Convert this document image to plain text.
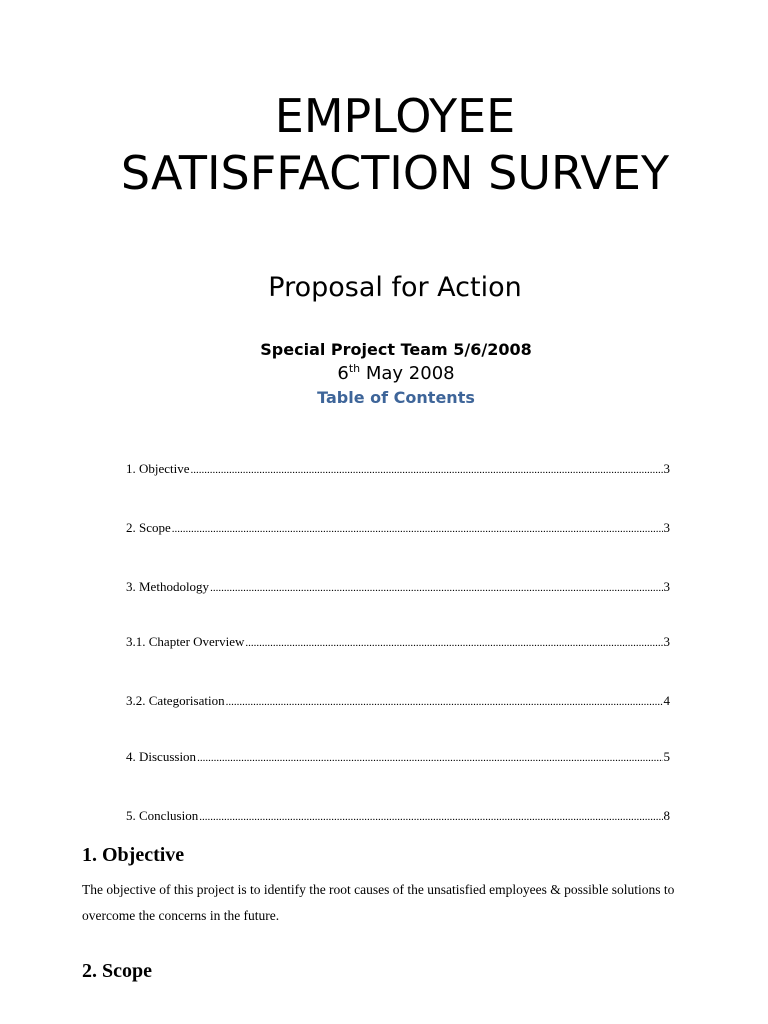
EMPLOYEE
SATISFFACTION SURVEY
Proposal for Action
Special Project Team 5/6/2008
6th May 2008
Table of Contents
1. Objective .....	3
2. Scope .....	3
3. Methodology .....	3
3.1. Chapter Overview .....	3
3.2. Categorisation .....	4
4. Discussion .....	5
5. Conclusion .....	8
1. Objective
The objective of this project is to identify the root causes of the unsatisfied employees & possible solutions to overcome the concerns in the future.
2. Scope
